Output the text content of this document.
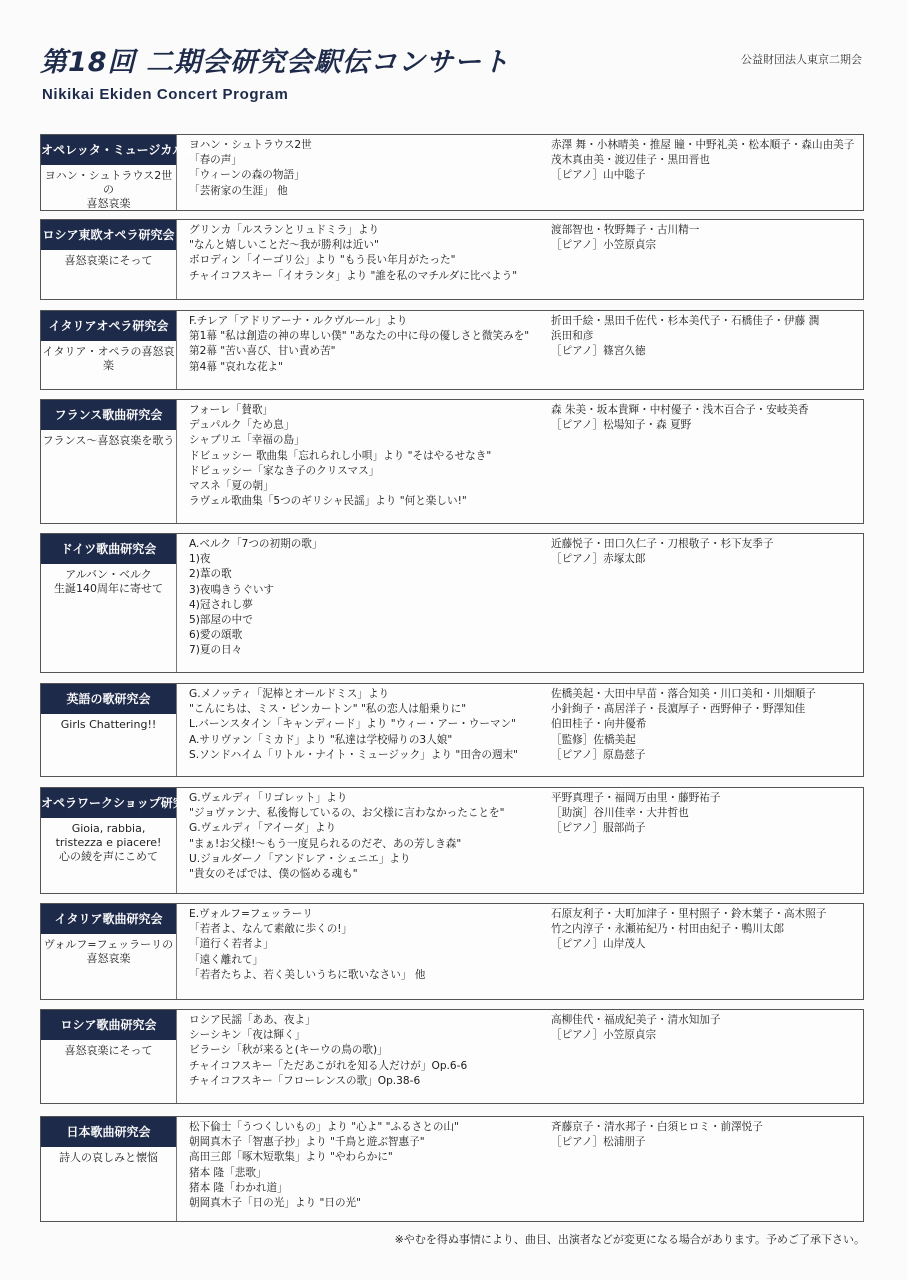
第18回 二期会研究会駅伝コンサート
Nikikai Ekiden Concert Program
公益財団法人東京二期会
オペレッタ・ミュージカル研究会
ヨハン・シュトラウス2世の
喜怒哀楽
ヨハン・シュトラウス2世
「春の声」
「ウィーンの森の物語」
「芸術家の生涯」 他
赤澤 舞・小林晴美・推屋 瞳・中野礼美・松本順子・森山由美子
茂木真由美・渡辺佳子・黒田晋也
［ピアノ］山中聡子
ロシア東欧オペラ研究会
喜怒哀楽にそって
グリンカ「ルスランとリュドミラ」より
"なんと嬉しいことだ〜我が勝利は近い"
ボロディン「イーゴリ公」より "もう長い年月がたった"
チャイコフスキー「イオランタ」より "誰を私のマチルダに比べよう"
渡部智也・牧野舞子・古川精一
［ピアノ］小笠原貞宗
イタリアオペラ研究会
イタリア・オペラの喜怒哀楽
F.チレア「アドリアーナ・ルクヴルール」より
第1幕 "私は創造の神の卑しい僕" "あなたの中に母の優しさと微笑みを"
第2幕 "苦い喜び、甘い責め苦"
第4幕 "哀れな花よ"
折田千絵・黒田千佐代・杉本美代子・石橋佳子・伊藤 潤
浜田和彦
［ピアノ］篠宮久徳
フランス歌曲研究会
フランス〜喜怒哀楽を歌う
フォーレ「賛歌」
デュパルク「ため息」
シャブリエ「幸福の島」
ドビュッシー 歌曲集「忘れられし小唄」より "そはやるせなき"
ドビュッシー「家なき子のクリスマス」
マスネ「夏の朝」
ラヴェル歌曲集「5つのギリシャ民謡」より "何と楽しい!"
森 朱美・坂本貴輝・中村優子・浅木百合子・安岐美香
［ピアノ］松場知子・森 夏野
ドイツ歌曲研究会
アルバン・ベルク
生誕140周年に寄せて
A.ベルク「7つの初期の歌」
1)夜
2)葦の歌
3)夜鳴きうぐいす
4)冠されし夢
5)部屋の中で
6)愛の頌歌
7)夏の日々
近藤悦子・田口久仁子・刀根敬子・杉下友季子
［ピアノ］赤塚太郎
英語の歌研究会
Girls Chattering!!
G.メノッティ「泥棒とオールドミス」より
"こんにちは、ミス・ピンカートン" "私の恋人は船乗りに"
L.バーンスタイン「キャンディード」より "ウィー・アー・ウーマン"
A.サリヴァン「ミカド」より "私達は学校帰りの3人娘"
S.ソンドハイム「リトル・ナイト・ミュージック」より "田舎の週末"
佐橋美起・大田中早苗・落合知美・川口美和・川畑順子
小針絢子・髙居洋子・長濵厚子・西野伸子・野澤知佳
伯田桂子・向井優希
［監修］佐橋美起
［ピアノ］原島慈子
オペラワークショップ研究会
Gioia, rabbia,
tristezza e piacere!
心の綾を声にこめて
G.ヴェルディ「リゴレット」より
"ジョヴァンナ、私後悔しているの、お父様に言わなかったことを"
G.ヴェルディ「アイーダ」より
"まぁ!お父様!〜もう一度見られるのだぞ、あの芳しき森"
U.ジョルダーノ「アンドレア・シェニエ」より
"貴女のそばでは、僕の悩める魂も"
平野真理子・福岡万由里・藤野祐子
［助演］谷川佳幸・大井哲也
［ピアノ］服部尚子
イタリア歌曲研究会
ヴォルフ=フェッラーリの
喜怒哀楽
E.ヴォルフ=フェッラーリ
「若者よ、なんて素敵に歩くの!」
「道行く若者よ」
「遠く離れて」
「若者たちよ、若く美しいうちに歌いなさい」 他
石原友利子・大町加津子・里村照子・鈴木葉子・高木照子
竹之内淳子・永瀬祐紀乃・村田由紀子・鴨川太郎
［ピアノ］山岸茂人
ロシア歌曲研究会
喜怒哀楽にそって
ロシア民謡「ああ、夜よ」
シーシキン「夜は輝く」
ビラーシ「秋が来ると(キーウの鳥の歌)」
チャイコフスキー「ただあこがれを知る人だけが」Op.6-6
チャイコフスキー「フローレンスの歌」Op.38-6
高柳佳代・福成紀美子・清水知加子
［ピアノ］小笠原貞宗
日本歌曲研究会
詩人の哀しみと懐悩
松下倫士「うつくしいもの」より "心よ" "ふるさとの山"
朝岡真木子「智惠子抄」より "千鳥と遊ぶ智惠子"
高田三郎「啄木短歌集」より "やわらかに"
猪本 隆「悲歌」
猪本 隆「わかれ道」
朝岡真木子「日の光」より "日の光"
斉藤京子・清水邦子・白須ヒロミ・前澤悦子
［ピアノ］松浦朋子
※やむを得ぬ事情により、曲目、出演者などが変更になる場合があります。予めご了承下さい。
